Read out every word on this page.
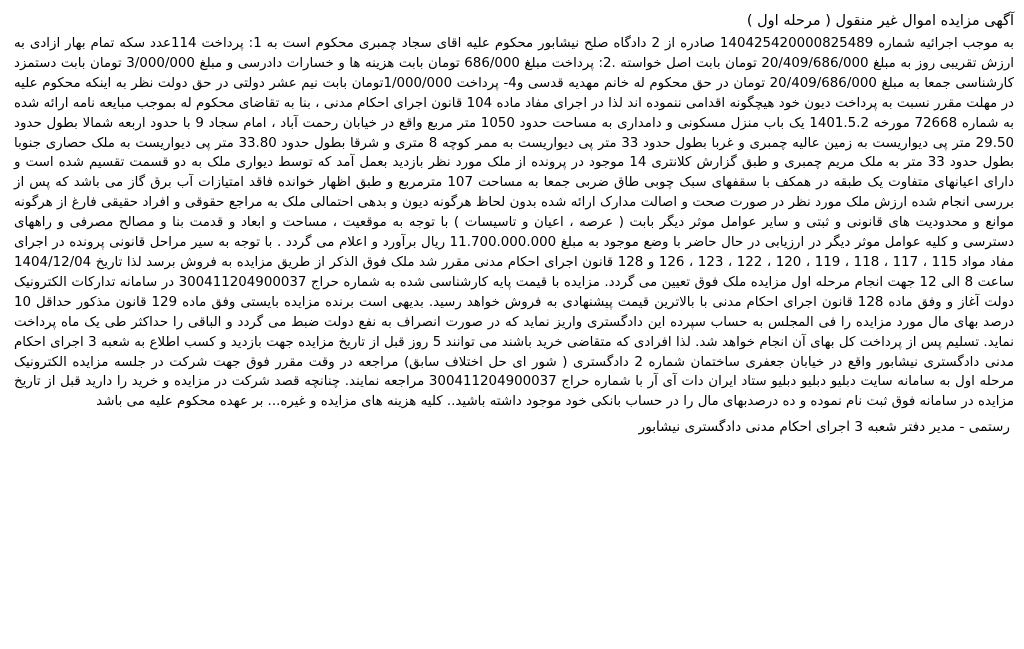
آگهی مزایده اموال غیر منقول ( مرحله اول )

به موجب اجرائیه شماره 140425420000825489 صادره از 2 دادگاه صلح نیشابور محکوم علیه اقای سجاد چمبری محکوم است به 1: پرداخت 114عدد سکه تمام بهار ازادی به ارزش تقریبی روز به مبلغ 20/409/686/000 تومان بابت اصل خواسته .2: پرداخت مبلغ 686/000 تومان بابت هزینه ها و خسارات دادرسی و مبلغ 3/000/000 تومان بابت دستمزد کارشناسی جمعا به مبلغ 20/409/686/000 تومان در حق محکوم له خانم مهدیه قدسی و4- پرداخت 1/000/000تومان بابت نیم عشر دولتی در حق دولت نظر به اینکه محکوم علیه در مهلت مقرر نسبت به پرداخت دیون خود هیچگونه اقدامی ننموده اند لذا در اجرای مفاد ماده 104 قانون اجرای احکام مدنی ، بنا به تقاضای محکوم له بموجب مبایعه نامه ارائه شده به شماره 72668 مورخه 1401.5.2 یک باب منزل مسکونی و دامداری به مساحت حدود 1050 متر مربع واقع در خیابان رحمت آباد ، امام سجاد 9 با حدود اربعه شمالا بطول حدود 29.50 متر پی دیواریست به زمین عالیه چمبری و غربا بطول حدود 33 متر پی دیواریست به ممر کوچه 8 متری و شرقا بطول حدود 33.80 متر پی دیواریست به ملک حصاری جنوبا بطول حدود 33 متر به ملک مریم چمبری و طبق گزارش کلانتری 14 موجود در پرونده از ملک مورد نظر بازدید بعمل آمد که توسط دیواری ملک به دو قسمت تقسیم شده است و دارای اعیانهای متفاوت یک طبقه در همکف با سقفهای سبک چوبی طاق ضربی جمعا به مساحت 107 مترمربع و طبق اظهار خوانده فاقد امتیازات آب برق گاز می باشد که پس از بررسی انجام شده ارزش ملک مورد نظر در صورت صحت و اصالت مدارک ارائه شده بدون لحاظ هرگونه دیون و بدهی احتمالی ملک به مراجع حقوقی و افراد حقیقی فارغ از هرگونه موانع و محدودیت های قانونی و ثبتی و سایر عوامل موثر دیگر بابت ( عرصه ، اعیان و تاسیسات ) با توجه به موقعیت ، مساحت و ابعاد و قدمت بنا و مصالح مصرفی و راههای دسترسی و کلیه عوامل موثر دیگر در ارزیابی در حال حاضر با وضع موجود به مبلغ 11.700.000.000 ریال برآورد و اعلام می گردد . با توجه به سیر مراحل قانونی پرونده در اجرای مفاد مواد 115 ، 117 ، 118 ، 119 ، 120 ، 122 ، 123 ، 126 و 128 قانون اجرای احکام مدنی مقرر شد ملک فوق الذکر از طریق مزایده به فروش برسد لذا تاریخ 1404/12/04 ساعت 8 الی 12 جهت انجام مرحله اول مزایده ملک فوق تعیین می گردد. مزایده با قیمت پایه کارشناسی شده به شماره حراج 300411204900037 در سامانه تدارکات الکترونیک دولت آغاز و وفق ماده 128 قانون اجرای احکام مدنی با بالاترین قیمت پیشنهادی به فروش خواهد رسید. بدیهی است برنده مزایده بایستی وفق ماده 129 قانون مذکور حداقل 10 درصد بهای مال مورد مزایده را فی المجلس به حساب سپرده این دادگستری واریز نماید که در صورت انصراف به نفع دولت ضبط می گردد و الباقی را حداکثر طی یک ماه پرداخت نماید. تسلیم پس از پرداخت کل بهای آن انجام خواهد شد. لذا افرادی که متقاضی خرید باشند می توانند 5 روز قبل از تاریخ مزایده جهت بازدید و کسب اطلاع به شعبه 3 اجرای احکام مدنی دادگستری نیشابور واقع در خیابان جعفری ساختمان شماره 2 دادگستری ( شور ای حل اختلاف سابق) مراجعه در وقت مقرر فوق جهت شرکت در جلسه مزایده الکترونیک مرحله اول به سامانه سایت دبلیو دبلیو دبلیو ستاد ایران دات آی آر با شماره حراج 300411204900037 مراجعه نمایند. چنانچه قصد شرکت در مزایده و خرید را دارید قبل از تاریخ مزایده در سامانه فوق ثبت نام نموده و ده درصدبهای مال را در حساب بانکی خود موجود داشته باشید.. کلیه هزینه های مزایده و غیره... بر عهده محکوم علیه می باشد

رستمی - مدیر دفتر شعبه 3 اجرای احکام مدنی دادگستری نیشابور
